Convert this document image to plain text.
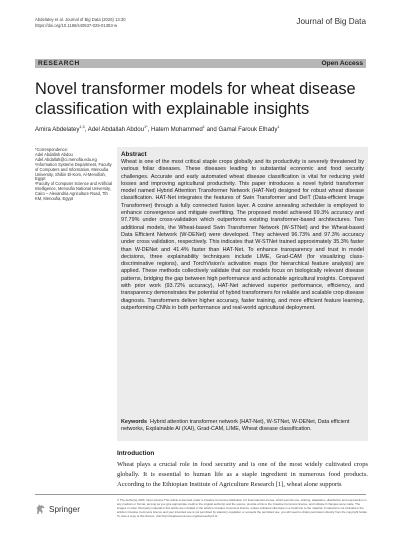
Abdelatey et al. Journal of Big Data (2026) 13:30
https://doi.org/10.1186/s40537-025-01353-w	Journal of Big Data
RESEARCH	Open Access
Novel transformer models for wheat disease classification with explainable insights
Amira Abdelatey$^{1,3}$, Adel Abdallah Abdou$^{1*}$, Hatem Mohammed$^1$ and Gamal Farouk Elhady$^1$
*Correspondence:
Adel Abdallah Abdou
Adel.Abdallah@ci.menofia.edu.eg
¹Information Systems Department, Faculty of Computers and Information, Menoufia University, Shibin El-Kom, Al-Menofiah, Egypt
²Faculty of Computer Science and Artificial Intelligence, Menoufia National University, Cairo – Alexandria Agriculture Road, 7th KM, Menoufia, Egypt
Abstract

Wheat is one of the most critical staple crops globally and its productivity is severely threatened by various foliar diseases. These diseases leading to substantial economic and food security challenges. Accurate and early automated wheat disease classification is vital for reducing yield losses and improving agricultural productivity. This paper introduces a novel hybrid transformer model named Hybrid Attention Transformer Network (HAT-Net) designed for robust wheat disease classification. HAT-Net integrates the features of Swin Transformer and DeiT (Data-efficient Image Transformer) through a fully connected fusion layer. A cosine annealing scheduler is employed to enhance convergence and mitigate overfitting. The proposed model achieved 99.3% accuracy and 97.79% under cross-validation which outperforms existing transformer-based architectures. Two additional models, the Wheat-based Swin Transformer Network (W-STNet) and the Wheat-based Data Efficient Network (W-DENet) were developed. They achieved 96.73% and 97.3% accuracy under cross validation, respectively. This indicates that W-STNet trained approximately 35.3% faster than W-DENet and 41.4% faster than HAT-Net. To enhance transparency and trust in model decisions, three explainability techniques include LIME, Grad-CAM (for visualizing class-discriminative regions), and TorchVision's activation maps (for hierarchical feature analysis) are applied. These methods collectively validate that our models focus on biologically relevant disease patterns, bridging the gap between high performance and actionable agricultural insights. Compared with prior work (93.72% accuracy), HAT-Net achieved superior performance, efficiency, and transparency demonstrates the potential of hybrid transformers for reliable and scalable crop disease diagnosis. Transformers deliver higher accuracy, faster training, and more efficient feature learning, outperforming CNNs in both performance and real-world agricultural deployment.

Keywords Hybrid attention transformer network (HAT-Net), W-STNet, W-DENet, Data efficient networks, Explainable AI (XAI), Grad-CAM, LIME, Wheat disease classification.

Introduction

Wheat plays a crucial role in food security and is one of the most widely cultivated crops globally. It is essential to human life as a staple ingredient in numerous food products. According to the Ethiopian Institute of Agriculture Research [1], wheat alone supports

Springer

© The Author(s) 2026. Open Access This article is licensed under a Creative Commons Attribution 4.0 International License, which permits use, sharing, adaptation, distribution and reproduction in any medium or format, as long as you give appropriate credit to the original author(s) and the source, provide a link to the Creative Commons licence, and indicate if changes were made. The images or other third party material in this article are included in the article's Creative Commons licence, unless indicated otherwise in a credit line to the material. If material is not included in the article's Creative Commons licence and your intended use is not permitted by statutory regulation or exceeds the permitted use, you will need to obtain permission directly from the copyright holder. To view a copy of this licence, visit http://creativecommons.org/licenses/by/4.0/.
